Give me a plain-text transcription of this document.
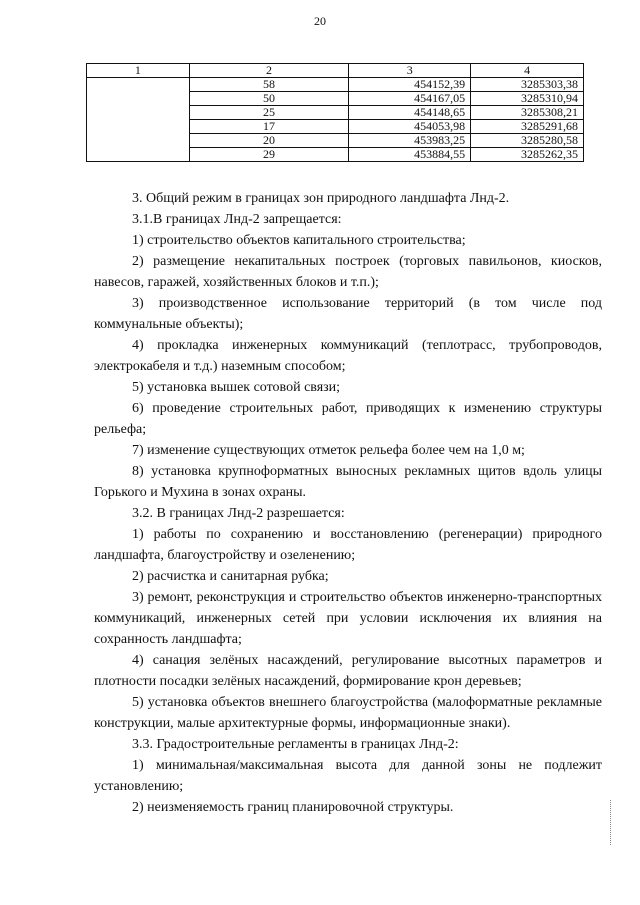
20
1	2	3	4
	58	454152,39	3285303,38
	50	454167,05	3285310,94
	25	454148,65	3285308,21
	17	454053,98	3285291,68
	20	453983,25	3285280,58
	29	453884,55	3285262,35

3. Общий режим в границах зон природного ландшафта Лнд-2.

3.1.В границах Лнд-2 запрещается:

1) строительство объектов капитального строительства;

2) размещение некапитальных построек (торговых павильонов, киосков, навесов, гаражей, хозяйственных блоков и т.п.);

3) производственное использование территорий (в том числе под коммунальные объекты);

4) прокладка инженерных коммуникаций (теплотрасс, трубопроводов, электрокабеля и т.д.) наземным способом;

5) установка вышек сотовой связи;

6) проведение строительных работ, приводящих к изменению структуры рельефа;

7) изменение существующих отметок рельефа более чем на 1,0 м;

8) установка крупноформатных выносных рекламных щитов вдоль улицы Горького и Мухина в зонах охраны.

3.2. В границах Лнд-2 разрешается:

1) работы по сохранению и восстановлению (регенерации) природного ландшафта, благоустройству и озеленению;

2) расчистка и санитарная рубка;

3) ремонт, реконструкция и строительство объектов инженерно-транспортных коммуникаций, инженерных сетей при условии исключения их влияния на сохранность ландшафта;

4) санация зелёных насаждений, регулирование высотных параметров и плотности посадки зелёных насаждений, формирование крон деревьев;

5) установка объектов внешнего благоустройства (малоформатные рекламные конструкции, малые архитектурные формы, информационные знаки).

3.3. Градостроительные регламенты в границах Лнд-2:

1) минимальная/максимальная высота для данной зоны не подлежит установлению;

2) неизменяемость границ планировочной структуры.
